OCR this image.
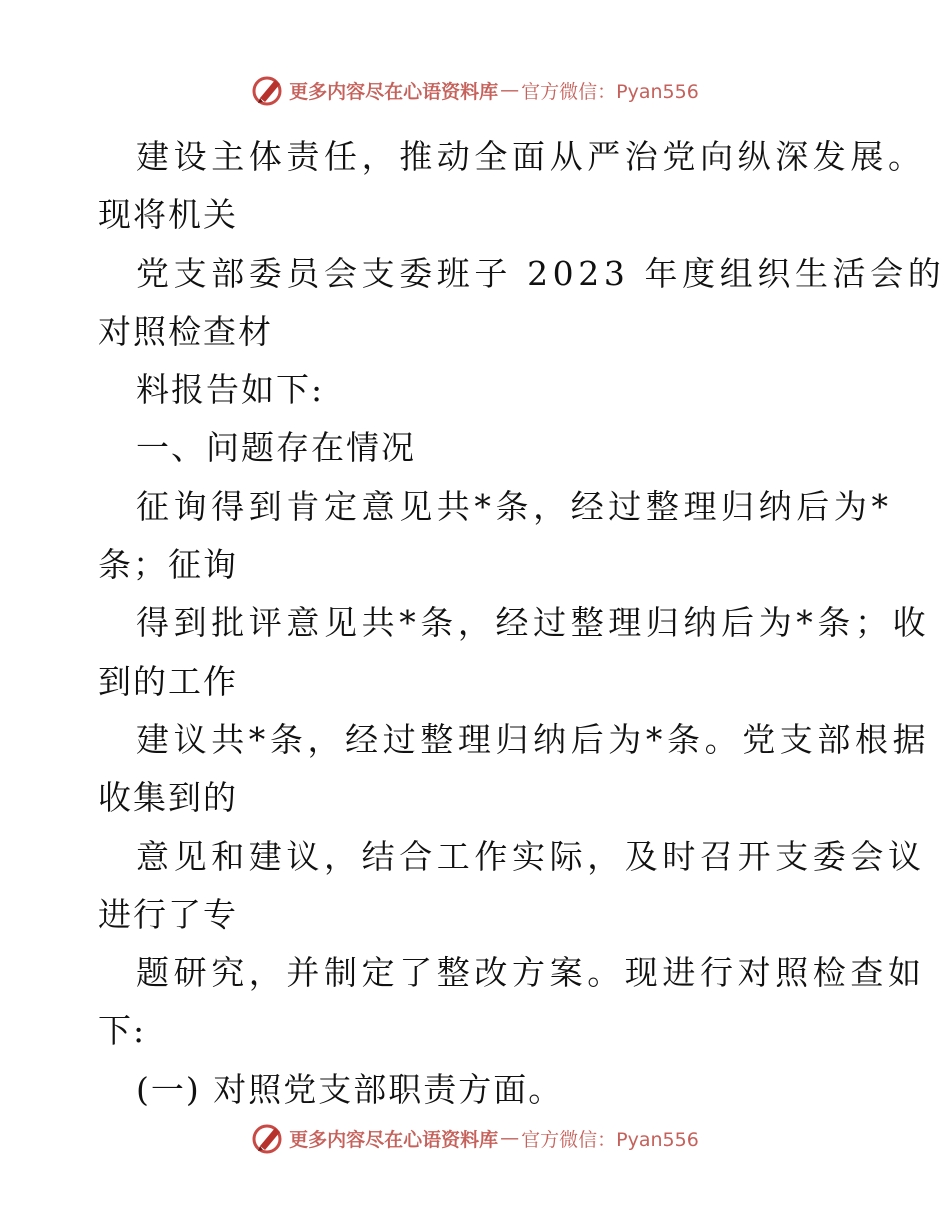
更多内容尽在心语资料库 — 官方微信：Pyan556
建设主体责任，推动全面从严治党向纵深发展。
现将机关
党支部委员会支委班子 2023 年度组织生活会的
对照检查材
料报告如下:
一、问题存在情况
征询得到肯定意见共*条，经过整理归纳后为*
条；征询
得到批评意见共*条，经过整理归纳后为*条；收
到的工作
建议共*条，经过整理归纳后为*条。党支部根据
收集到的
意见和建议，结合工作实际，及时召开支委会议
进行了专
题研究，并制定了整改方案。现进行对照检查如
下:
(一) 对照党支部职责方面。
更多内容尽在心语资料库 — 官方微信：Pyan556
